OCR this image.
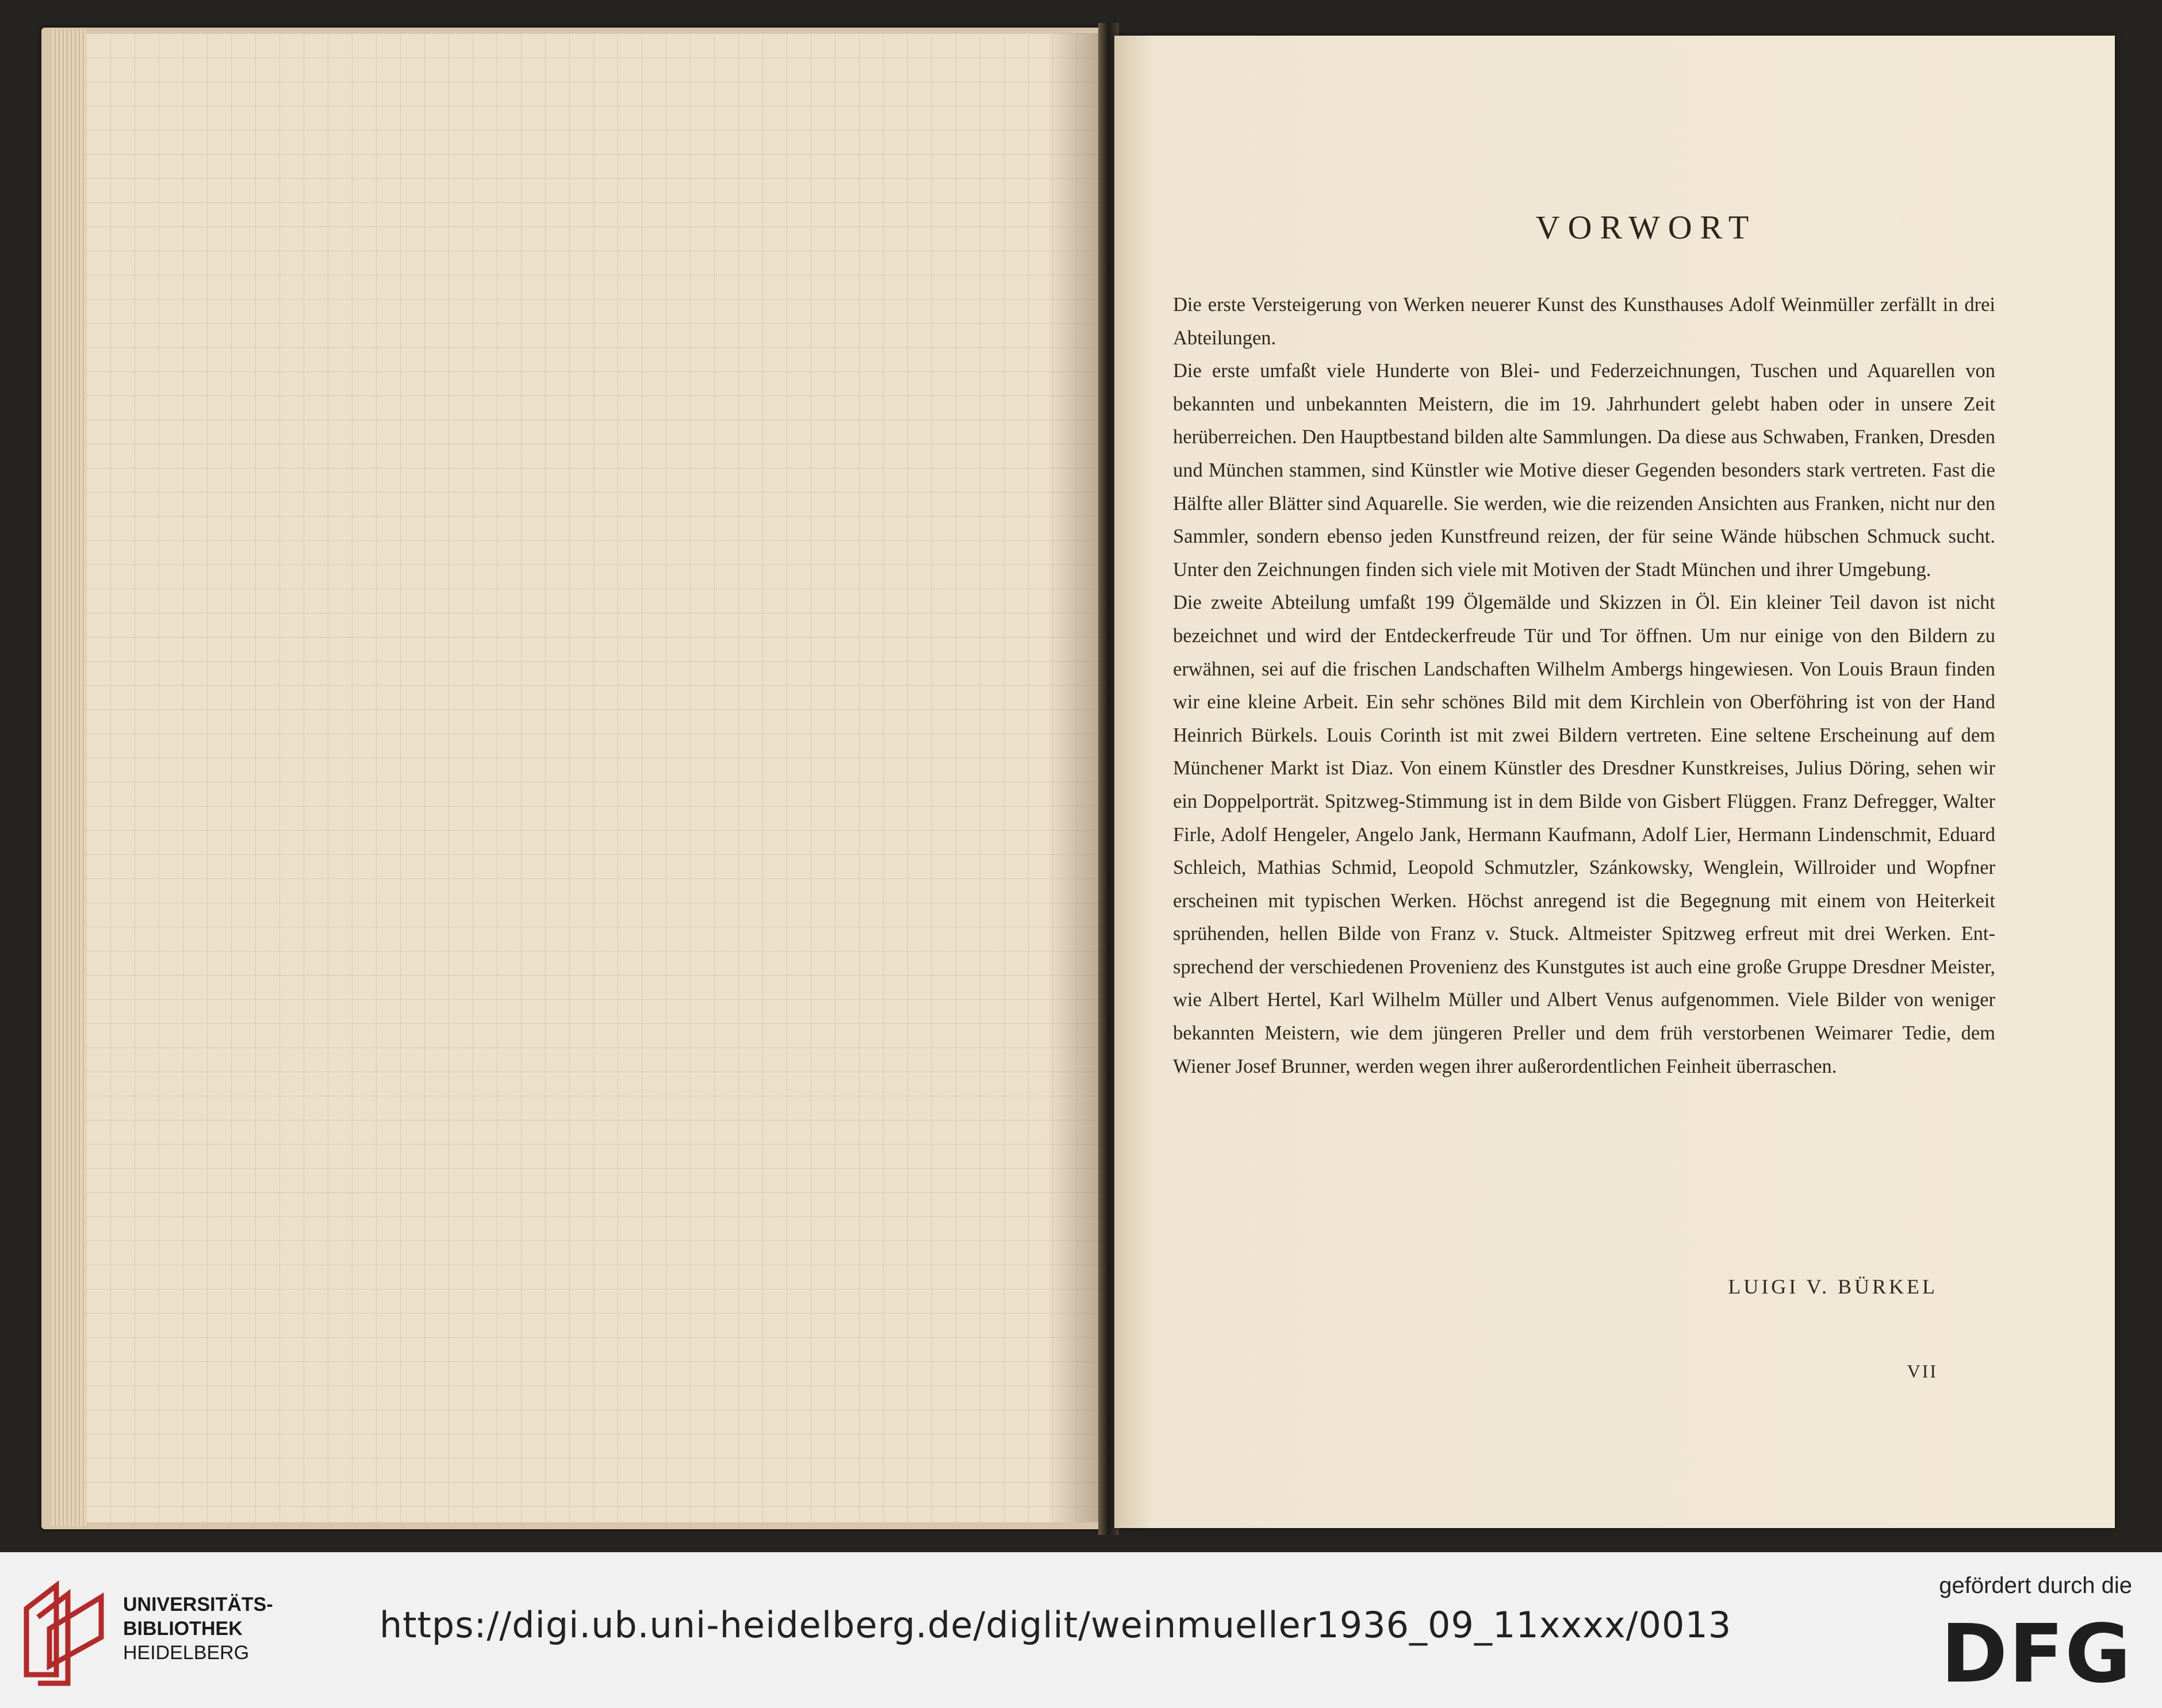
VORWORT

Die erste Versteigerung von Werken neuerer Kunst des Kunsthauses Adolf Weinmüller zerfällt in drei Abteilungen.

Die erste umfaßt viele Hunderte von Blei- und Federzeichnungen, Tuschen und Aquarellen von bekannten und unbekannten Meistern, die im 19. Jahrhundert gelebt haben oder in unsere Zeit herüberreichen. Den Hauptbestand bilden alte Sammlungen. Da diese aus Schwaben, Franken, Dresden und München stammen, sind Künstler wie Motive dieser Gegenden besonders stark vertreten. Fast die Hälfte aller Blätter sind Aquarelle. Sie werden, wie die reizenden Ansichten aus Franken, nicht nur den Sammler, sondern ebenso jeden Kunstfreund reizen, der für seine Wände hübschen Schmuck sucht. Unter den Zeichnungen finden sich viele mit Motiven der Stadt München und ihrer Umgebung.

Die zweite Abteilung umfaßt 199 Ölgemälde und Skizzen in Öl. Ein kleiner Teil davon ist nicht bezeichnet und wird der Entdeckerfreude Tür und Tor öffnen. Um nur einige von den Bildern zu erwähnen, sei auf die frischen Landschaften Wilhelm Ambergs hingewiesen. Von Louis Braun finden wir eine kleine Arbeit. Ein sehr schönes Bild mit dem Kirchlein von Oberföhring ist von der Hand Heinrich Bürkels. Louis Corinth ist mit zwei Bildern vertreten. Eine seltene Erscheinung auf dem Münchener Markt ist Diaz. Von einem Künstler des Dresdner Kunstkreises, Julius Döring, sehen wir ein Doppelporträt. Spitzweg-Stimmung ist in dem Bilde von Gisbert Flüggen. Franz Defregger, Walter Firle, Adolf Hengeler, Angelo Jank, Hermann Kaufmann, Adolf Lier, Hermann Lindenschmit, Eduard Schleich, Mathias Schmid, Leopold Schmutzler, Szánkowsky, Wenglein, Willroider und Wopfner erscheinen mit typischen Werken. Höchst anregend ist die Begegnung mit einem von Heiterkeit sprühenden, hellen Bilde von Franz v. Stuck. Altmeister Spitzweg erfreut mit drei Werken. Entsprechend der verschiedenen Provenienz des Kunstgutes ist auch eine große Gruppe Dresdner Meister, wie Albert Hertel, Karl Wilhelm Müller und Albert Venus aufgenommen. Viele Bilder von weniger bekannten Meistern, wie dem jüngeren Preller und dem früh verstorbenen Weimarer Tedie, dem Wiener Josef Brunner, werden wegen ihrer außerordentlichen Feinheit überraschen.

LUIGI V. BÜRKEL
VII
UNIVERSITÄTS-
BIBLIOTHEK
HEIDELBERG
https://digi.ub.uni-heidelberg.de/diglit/weinmueller1936_09_11xxxx/0013
gefördert durch die
DFG
